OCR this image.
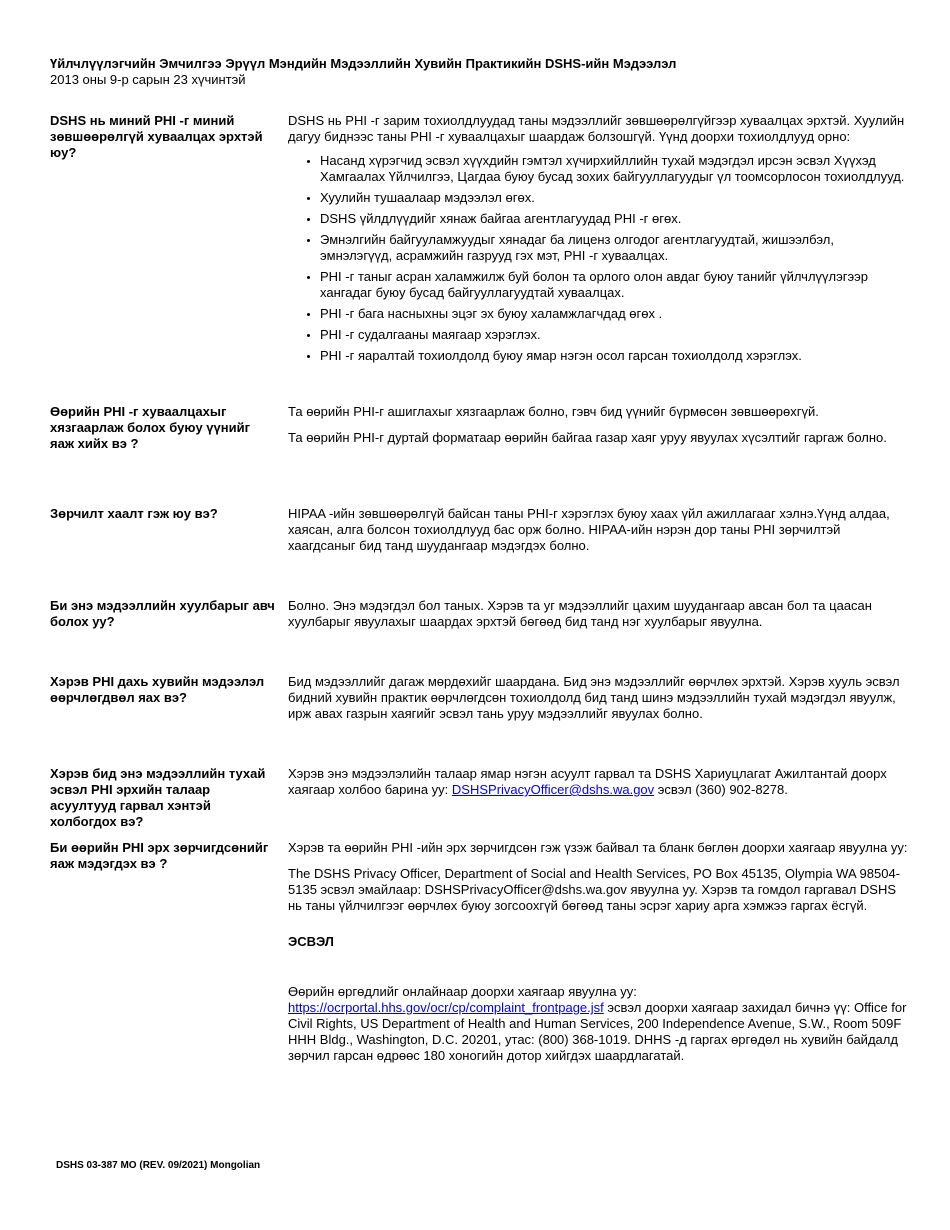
Үйлчлүүлэгчийн Эмчилгээ Эрүүл Мэндийн Мэдээллийн Хувийн Практикийн DSHS-ийн Мэдээлэл
2013 оны 9-р сарын 23 хүчинтэй
DSHS нь миний PHI -г миний зөвшөөрөлгүй хуваалцах эрхтэй юу?

DSHS нь PHI -г зарим тохиолдлуудад таны мэдээллийг зөвшөөрөлгүйгээр хуваалцах эрхтэй. Хуулийн дагуу биднээс таны PHI -г хуваалцахыг шаардаж болзошгүй. Үүнд доорхи тохиолдлууд орно:

• Насанд хүрэгчид эсвэл хүүхдийн гэмтэл хүчирхийллийн тухай мэдэгдэл ирсэн эсвэл Хүүхэд Хамгаалах Үйлчилгээ, Цагдаа буюу бусад зохих байгууллагуудыг үл тоомсорлосон тохиолдлууд.
• Хуулийн тушаалаар мэдээлэл өгөх.
• DSHS үйлдлүүдийг хянаж байгаа агентлагуудад PHI -г өгөх.
• Эмнэлгийн байгууламжуудыг хянадаг ба лиценз олгодог агентлагуудтай, жишээлбэл, эмнэлэгүүд, асрамжийн газрууд гэх мэт, PHI -г хуваалцах.
• PHI -г таныг асран халамжилж буй болон та орлого олон авдаг буюу танийг үйлчлүүлэгээр хангадаг буюу бусад байгууллагуудтай хуваалцах.
• PHI -г бага насныхны эцэг эх буюу халамжлагчдад өгөх .
• PHI -г судалгааны маягаар хэрэглэх.
• PHI -г яаралтай тохиолдолд буюу ямар нэгэн осол гарсан тохиолдолд хэрэглэх.
Өөрийн PHI -г хуваалцахыг хязгаарлаж болох буюу үүнийг яаж хийх вэ ?

Та өөрийн PHI-г ашиглахыг хязгаарлаж болно, гэвч бид үүнийг бүрмөсөн зөвшөөрөхгүй.

Та өөрийн PHI-г дуртай форматаар өөрийн байгаа газар хаяг уруу явуулах хүсэлтийг гаргаж болно.

Зөрчилт хаалт гэж юу вэ?	HIPAA -ийн зөвшөөрөлгүй байсан таны PHI-г хэрэглэх буюу хаах үйл ажиллагааг хэлнэ.Үүнд алдаа, хаясан, алга болсон тохиолдлууд бас орж болно. HIPAA-ийн нэрэн дор таны PHI зөрчилтэй хаагдсаныг бид танд шуудангаар мэдэгдэх болно.
Би энэ мэдээллийн хуулбарыг авч болох уу?
Болно. Энэ мэдэгдэл бол таных. Хэрэв та уг мэдээллийг цахим шуудангаар авсан бол та цаасан хуулбарыг явуулахыг шаардах эрхтэй бөгөөд бид танд нэг хуулбарыг явуулна.
Хэрэв PHI дахь хувийн мэдээлэл өөрчлөгдвөл яах вэ?
Бид мэдээллийг дагаж мөрдөхийг шаардана. Бид энэ мэдээллийг өөрчлөх эрхтэй. Хэрэв хууль эсвэл бидний хувийн практик өөрчлөгдсөн тохиолдолд бид танд шинэ мэдээллийн тухай мэдэгдэл явуулж, ирж авах газрын хаягийг эсвэл тань уруу мэдээллийг явуулах болно.
Хэрэв бид энэ мэдээллийн тухай эсвэл PHI эрхийн талаар асуултууд гарвал хэнтэй холбогдох вэ?
Хэрэв энэ мэдээлэлийн талаар ямар нэгэн асуулт гарвал та DSHS Хариуцлагат Ажилтантай доорх хаягаар холбоо барина уу: DSHSPrivacyOfficer@dshs.wa.gov эсвэл (360) 902-8278.
Би өөрийн PHI эрх зөрчигдсөнийг яаж мэдэгдэх вэ ?

Хэрэв та өөрийн PHI -ийн эрх зөрчигдсөн гэж үзэж байвал та бланк бөглөн доорхи хаягаар явуулна уу:

The DSHS Privacy Officer, Department of Social and Health Services, PO Box 45135, Olympia WA 98504-5135 эсвэл эмайлаар: DSHSPrivacyOfficer@dshs.wa.gov явуулна уу. Хэрэв та гомдол гаргавал DSHS нь таны үйлчилгээг өөрчлөх буюу зогсоохгүй бөгөөд таны эсрэг хариу арга хэмжээ гаргах ёсгүй.

ЭСВЭЛ

Өөрийн өргөдлийг онлайнаар доорхи хаягаар явуулна уу: https://ocrportal.hhs.gov/ocr/cp/complaint_frontpage.jsf эсвэл доорхи хаягаар захидал бичнэ үү: Office for Civil Rights, US Department of Health and Human Services, 200 Independence Avenue, S.W., Room 509F HHH Bldg., Washington, D.C. 20201, утас: (800) 368-1019. DHHS -д гаргах өргөдөл нь хувийн байдалд зөрчил гарсан өдрөөс 180 хоногийн дотор хийгдэх шаардлагатай.

DSHS 03-387 MO (REV. 09/2021) Mongolian
